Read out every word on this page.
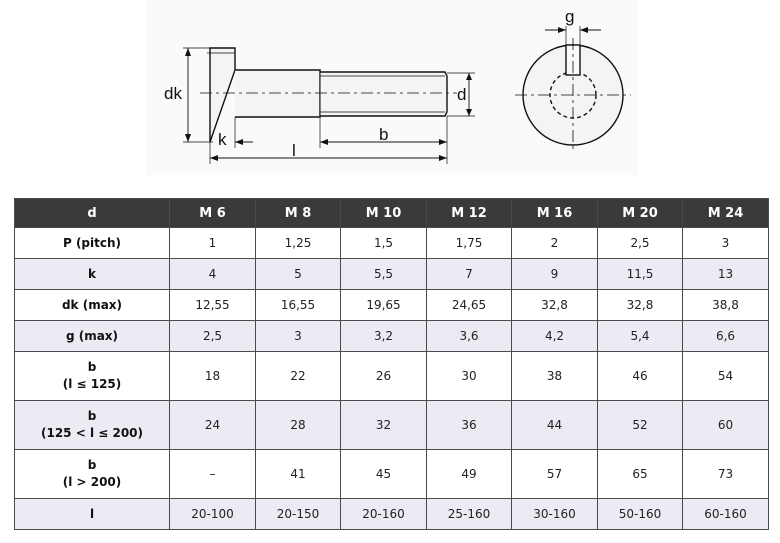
dk
k
l
b
d
g
d	M 6	M 8	M 10	M 12	M 16	M 20	M 24
P (pitch)	1	1,25	1,5	1,75	2	2,5	3
k	4	5	5,5	7	9	11,5	13
dk (max)	12,55	16,55	19,65	24,65	32,8	32,8	38,8
g (max)	2,5	3	3,2	3,6	4,2	5,4	6,6

b
(l ≤ 125)	18	22	26	30	38	46	54

b
(125 < l ≤ 200)	24	28	32	36	44	52	60

b
(l > 200)	–	41	45	49	57	65	73
l	20-100	20-150	20-160	25-160	30-160	50-160	60-160
